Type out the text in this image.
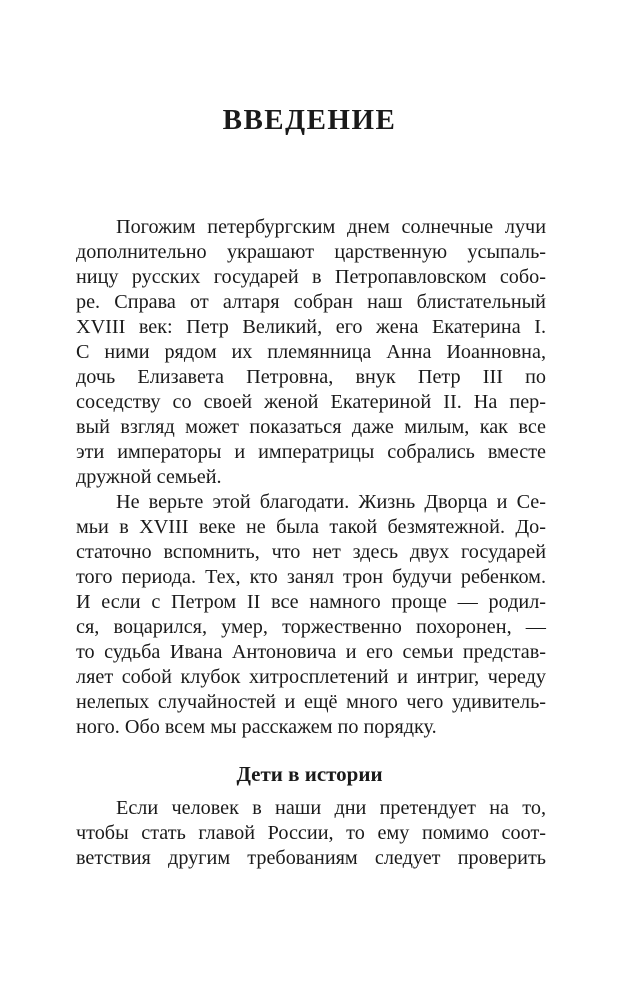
ВВЕДЕНИЕ
Погожим петербургским днем солнечные лучи
дополнительно украшают царственную усыпаль-
ницу русских государей в Петропавловском собо-
ре. Справа от алтаря собран наш блистательный
XVIII век: Петр Великий, его жена Екатерина I.
С ними рядом их племянница Анна Иоанновна,
дочь Елизавета Петровна, внук Петр III по
соседству со своей женой Екатериной II. На пер-
вый взгляд может показаться даже милым, как все
эти императоры и императрицы собрались вместе
дружной семьей.
Не верьте этой благодати. Жизнь Дворца и Се-
мьи в XVIII веке не была такой безмятежной. До-
статочно вспомнить, что нет здесь двух государей
того периода. Тех, кто занял трон будучи ребенком.
И если с Петром II все намного проще — родил-
ся, воцарился, умер, торжественно похоронен, —
то судьба Ивана Антоновича и его семьи представ-
ляет собой клубок хитросплетений и интриг, череду
нелепых случайностей и ещё много чего удивитель-
ного. Обо всем мы расскажем по порядку.
Дети в истории
Если человек в наши дни претендует на то,
чтобы стать главой России, то ему помимо соот-
ветствия другим требованиям следует проверить
